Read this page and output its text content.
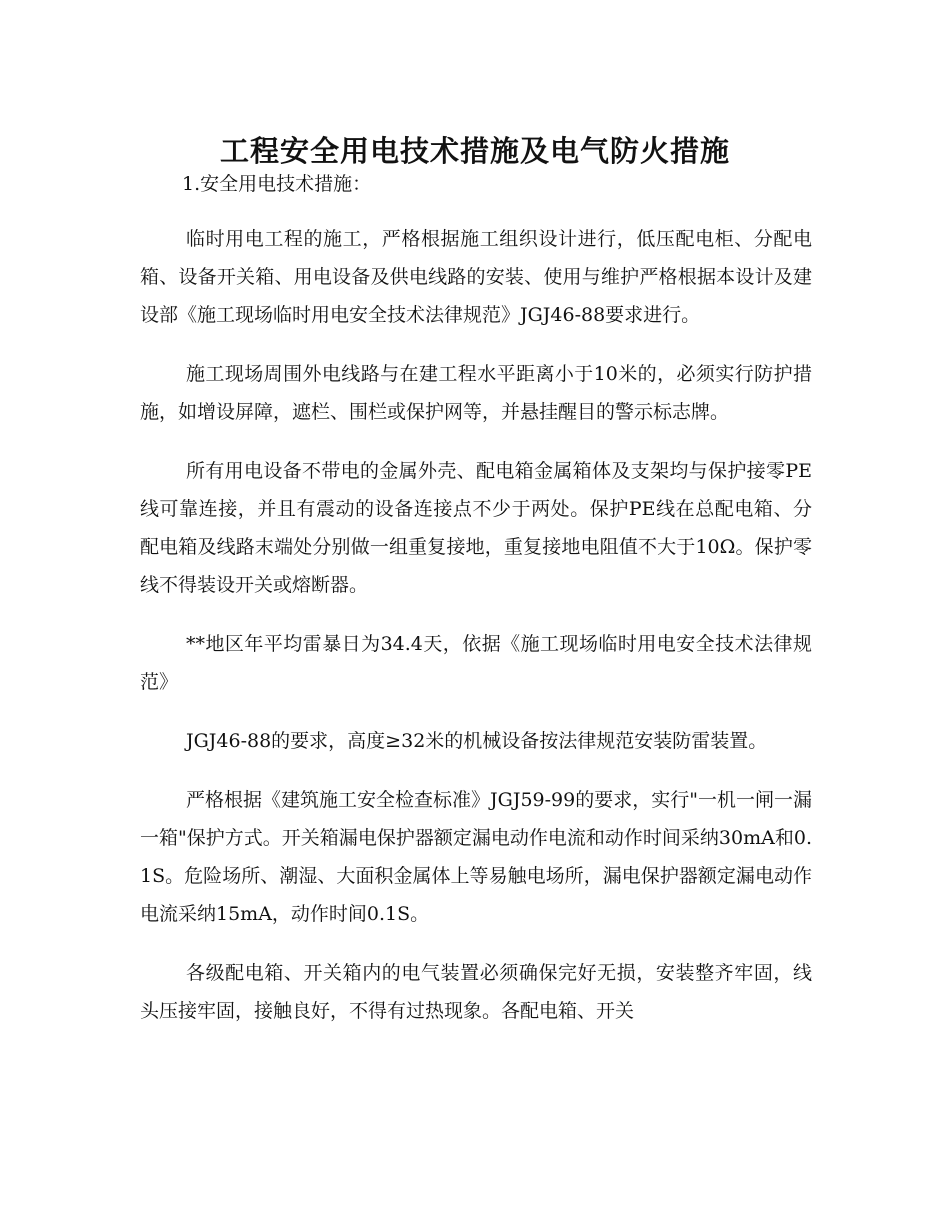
工程安全用电技术措施及电气防火措施

1.安全用电技术措施：

临时用电工程的施工，严格根据施工组织设计进行，低压配电柜、分配电箱、设备开关箱、用电设备及供电线路的安装、使用与维护严格根据本设计及建设部《施工现场临时用电安全技术法律规范》JGJ46-88要求进行。

施工现场周围外电线路与在建工程水平距离小于10米的，必须实行防护措施，如增设屏障，遮栏、围栏或保护网等，并悬挂醒目的警示标志牌。

所有用电设备不带电的金属外壳、配电箱金属箱体及支架均与保护接零PE线可靠连接，并且有震动的设备连接点不少于两处。保护PE线在总配电箱、分配电箱及线路末端处分别做一组重复接地，重复接地电阻值不大于10Ω。保护零线不得装设开关或熔断器。

**地区年平均雷暴日为34.4天，依据《施工现场临时用电安全技术法律规范》

JGJ46-88的要求，高度≥32米的机械设备按法律规范安装防雷装置。

严格根据《建筑施工安全检查标准》JGJ59-99的要求，实行"一机一闸一漏一箱"保护方式。开关箱漏电保护器额定漏电动作电流和动作时间采纳30mA和0.1S。危险场所、潮湿、大面积金属体上等易触电场所，漏电保护器额定漏电动作电流采纳15mA，动作时间0.1S。

各级配电箱、开关箱内的电气装置必须确保完好无损，安装整齐牢固，线头压接牢固，接触良好，不得有过热现象。各配电箱、开关
